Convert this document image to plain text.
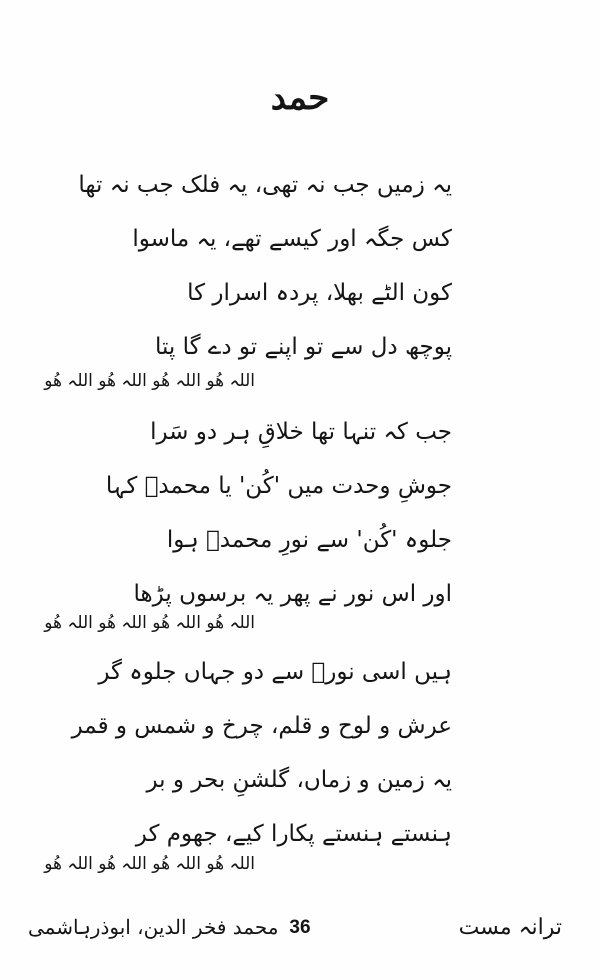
حمد
یہ زمیں جب نہ تھی، یہ فلک جب نہ تھا
کس جگہ اور کیسے تھے، یہ ماسوا
کون الٹے بھلا، پردہ اسرار کا
پوچھ دل سے تو اپنے تو دے گا پتا
اللہ ھُو اللہ ھُو اللہ ھُو اللہ ھُو
جب کہ تنہا تھا خلاقِ ہر دو سَرا
جوشِ وحدت میں 'کُن' یا محمدؐ کہا
جلوہ 'کُن' سے نورِ محمدؐ ہوا
اور اس نور نے پھر یہ برسوں پڑھا
اللہ ھُو اللہ ھُو اللہ ھُو اللہ ھُو
ہیں اسی نورؐ سے دو جہاں جلوہ گر
عرش و لوح و قلم، چرخ و شمس و قمر
یہ زمین و زماں، گلشنِ بحر و بر
ہنستے ہنستے پکارا کیے، جھوم کر
اللہ ھُو اللہ ھُو اللہ ھُو اللہ ھُو
محمد فخر الدین، ابوذرہاشمی 36	ترانہ مست
